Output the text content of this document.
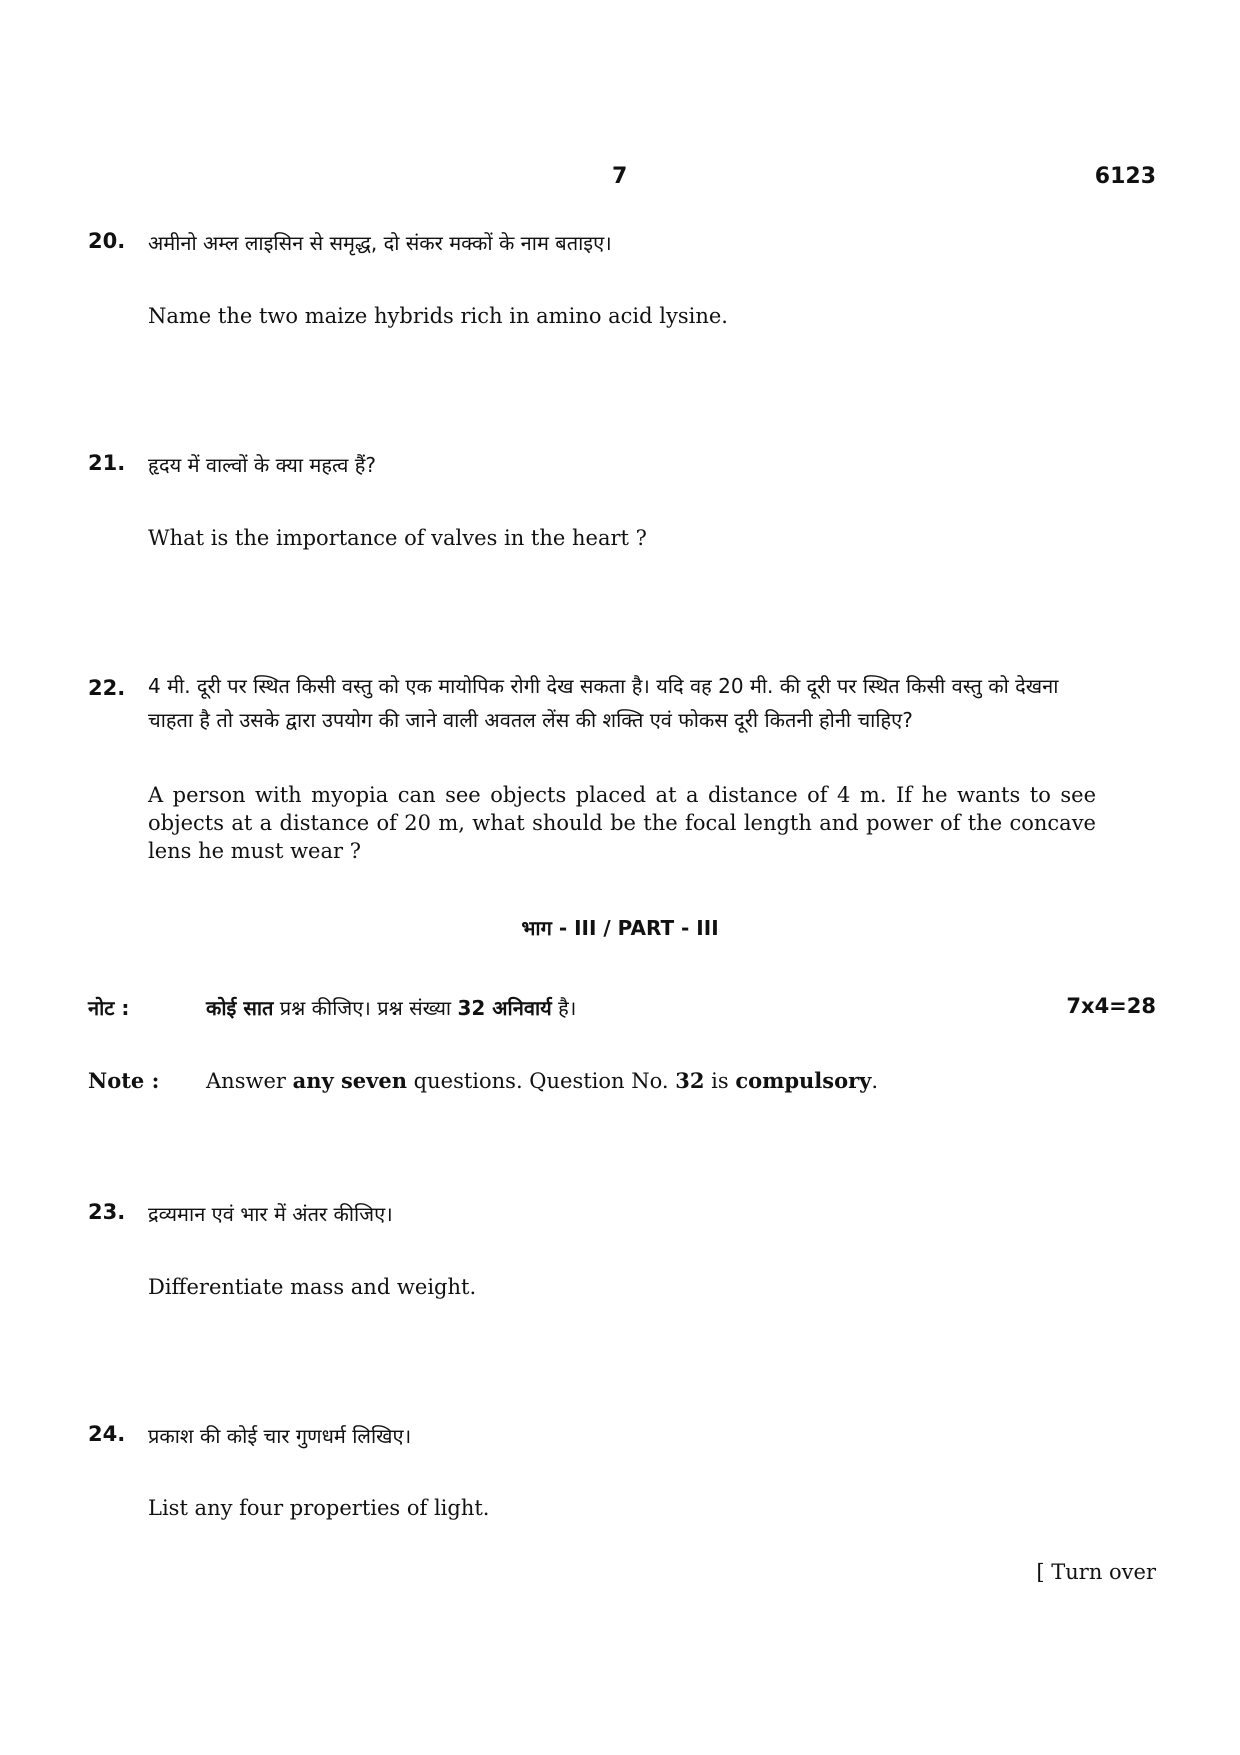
7	6123
20. अमीनो अम्ल लाइसिन से समृद्ध, दो संकर मक्कों के नाम बताइए।
Name the two maize hybrids rich in amino acid lysine.
21. हृदय में वाल्वों के क्या महत्व हैं?
What is the importance of valves in the heart ?
22. 4 मी. दूरी पर स्थित किसी वस्तु को एक मायोपिक रोगी देख सकता है। यदि वह 20 मी. की दूरी पर स्थित किसी वस्तु को देखना चाहता है तो उसके द्वारा उपयोग की जाने वाली अवतल लेंस की शक्ति एवं फोकस दूरी कितनी होनी चाहिए?
A person with myopia can see objects placed at a distance of 4 m. If he wants to see objects at a distance of 20 m, what should be the focal length and power of the concave lens he must wear ?
भाग - III / PART - III
नोट :	कोई सात प्रश्न कीजिए। प्रश्न संख्या 32 अनिवार्य है।	7x4=28
Note : Answer any seven questions. Question No. 32 is compulsory.
23. द्रव्यमान एवं भार में अंतर कीजिए।
Differentiate mass and weight.
24. प्रकाश की कोई चार गुणधर्म लिखिए।
List any four properties of light.
[ Turn over
